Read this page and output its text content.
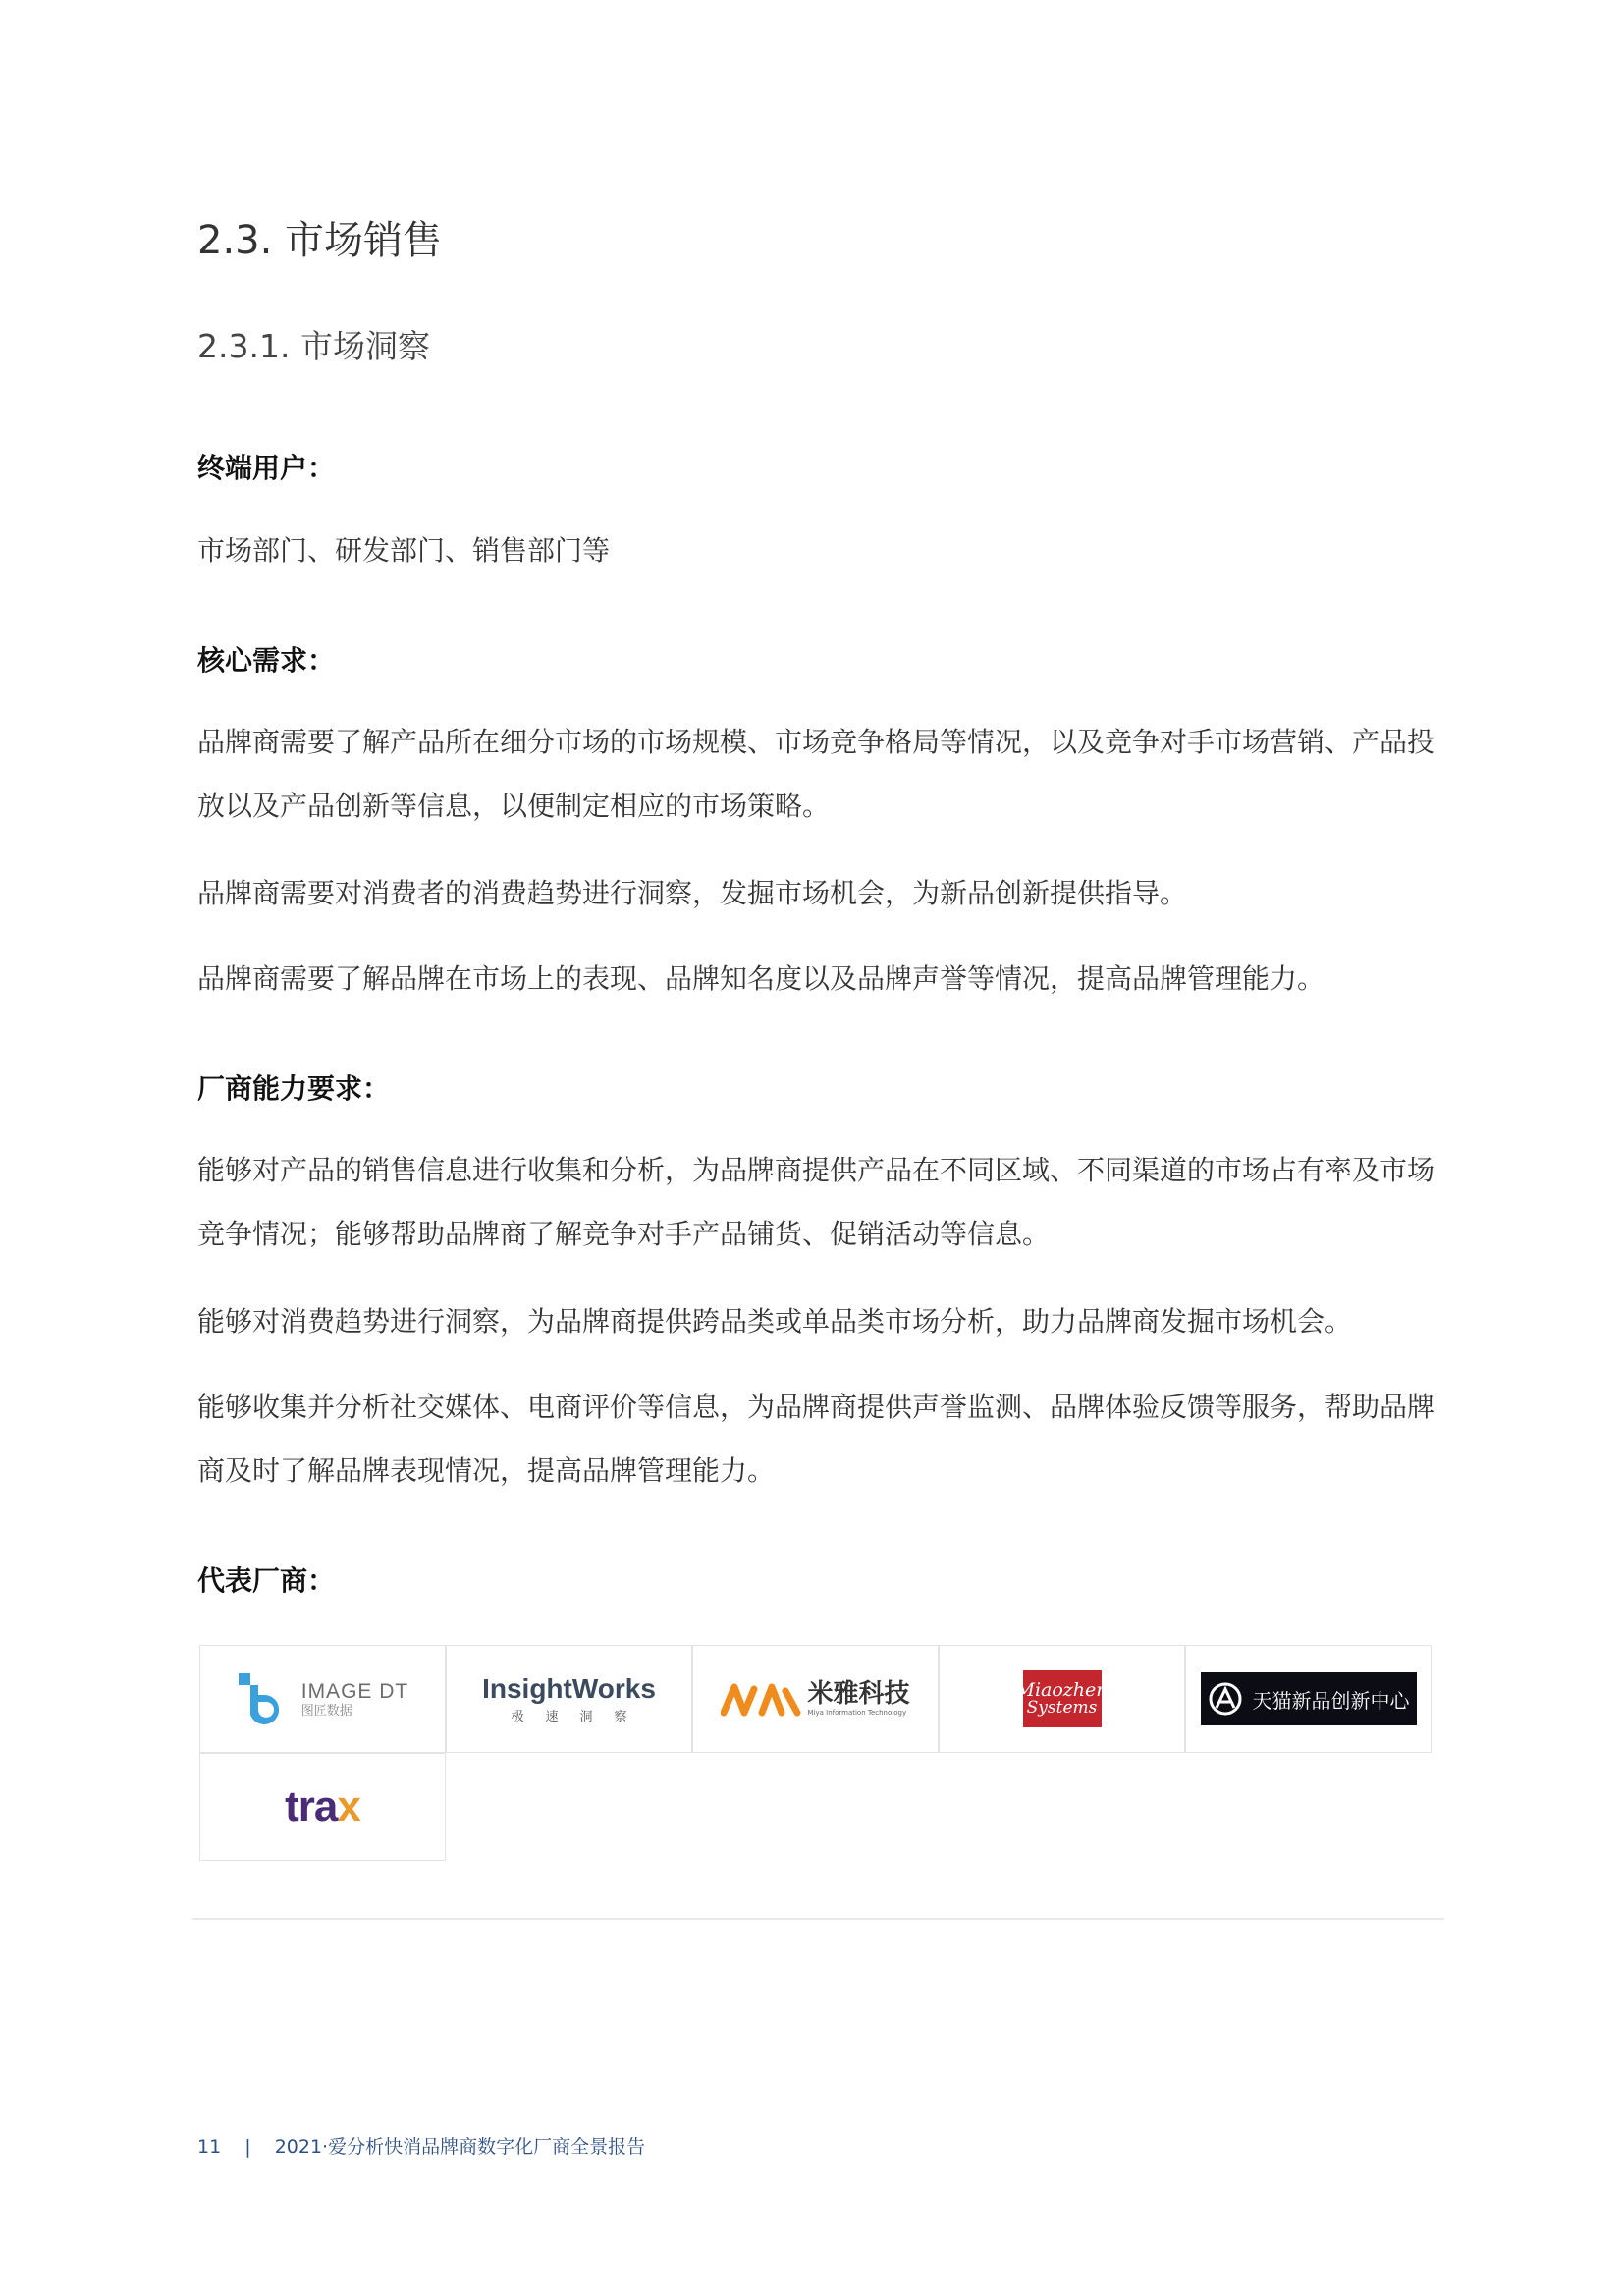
2.3. 市场销售
2.3.1. 市场洞察

终端用户：

市场部门、研发部门、销售部门等

核心需求：

品牌商需要了解产品所在细分市场的市场规模、市场竞争格局等情况，以及竞争对手市场营销、产品投放以及产品创新等信息，以便制定相应的市场策略。

品牌商需要对消费者的消费趋势进行洞察，发掘市场机会，为新品创新提供指导。

品牌商需要了解品牌在市场上的表现、品牌知名度以及品牌声誉等情况，提高品牌管理能力。

厂商能力要求：

能够对产品的销售信息进行收集和分析，为品牌商提供产品在不同区域、不同渠道的市场占有率及市场竞争情况；能够帮助品牌商了解竞争对手产品铺货、促销活动等信息。

能够对消费趋势进行洞察，为品牌商提供跨品类或单品类市场分析，助力品牌商发掘市场机会。

能够收集并分析社交媒体、电商评价等信息，为品牌商提供声誉监测、品牌体验反馈等服务，帮助品牌商及时了解品牌表现情况，提高品牌管理能力。

代表厂商：

IMAGE DT
图匠数据
InsightWorks
极速洞察
米雅科技
Miya Information Technology
Miaozhen
Systems	天猫新品创新中心
trax
11 | 2021·爱分析快消品牌商数字化厂商全景报告
